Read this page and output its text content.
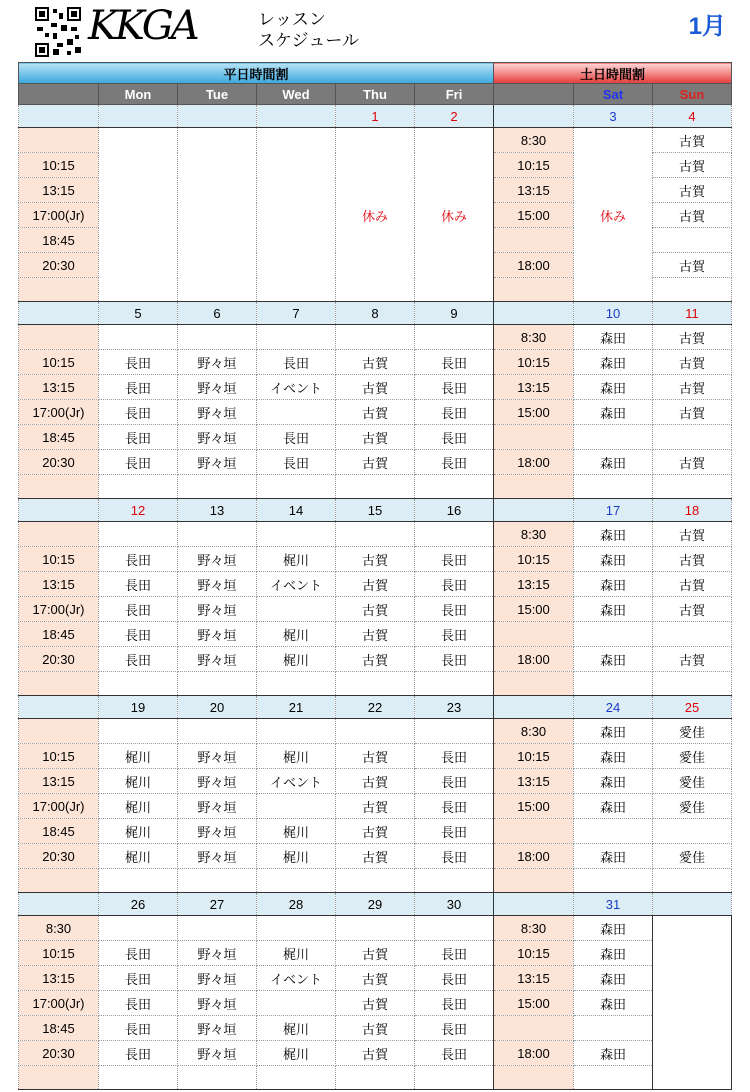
KKGA	レッスン
スケジュール
1月
平日時間割						土日時間割		
	Mon	Tue	Wed	Thu	Fri		Sat	Sun
				1	2		3	4
						8:30		古賀
10:15						10:15		古賀
13:15						13:15		古賀
17:00(Jr)				休み	休み	15:00	休み	古賀
18:45								
20:30						18:00		古賀

	5	6	7	8	9		10	11
						8:30	森田	古賀
10:15	長田	野々垣	長田	古賀	長田	10:15	森田	古賀
13:15	長田	野々垣	イベント	古賀	長田	13:15	森田	古賀
17:00(Jr)	長田	野々垣		古賀	長田	15:00	森田	古賀
18:45	長田	野々垣	長田	古賀	長田			
20:30	長田	野々垣	長田	古賀	長田	18:00	森田	古賀

	12	13	14	15	16		17	18
						8:30	森田	古賀
10:15	長田	野々垣	梶川	古賀	長田	10:15	森田	古賀
13:15	長田	野々垣	イベント	古賀	長田	13:15	森田	古賀
17:00(Jr)	長田	野々垣		古賀	長田	15:00	森田	古賀
18:45	長田	野々垣	梶川	古賀	長田			
20:30	長田	野々垣	梶川	古賀	長田	18:00	森田	古賀

	19	20	21	22	23		24	25
						8:30	森田	愛佳
10:15	梶川	野々垣	梶川	古賀	長田	10:15	森田	愛佳
13:15	梶川	野々垣	イベント	古賀	長田	13:15	森田	愛佳
17:00(Jr)	梶川	野々垣		古賀	長田	15:00	森田	愛佳
18:45	梶川	野々垣	梶川	古賀	長田			
20:30	梶川	野々垣	梶川	古賀	長田	18:00	森田	愛佳

	26	27	28	29	30		31	
8:30						8:30	森田	
10:15	長田	野々垣	梶川	古賀	長田	10:15	森田	
13:15	長田	野々垣	イベント	古賀	長田	13:15	森田	
17:00(Jr)	長田	野々垣		古賀	長田	15:00	森田	
18:45	長田	野々垣	梶川	古賀	長田			
20:30	長田	野々垣	梶川	古賀	長田	18:00	森田	
